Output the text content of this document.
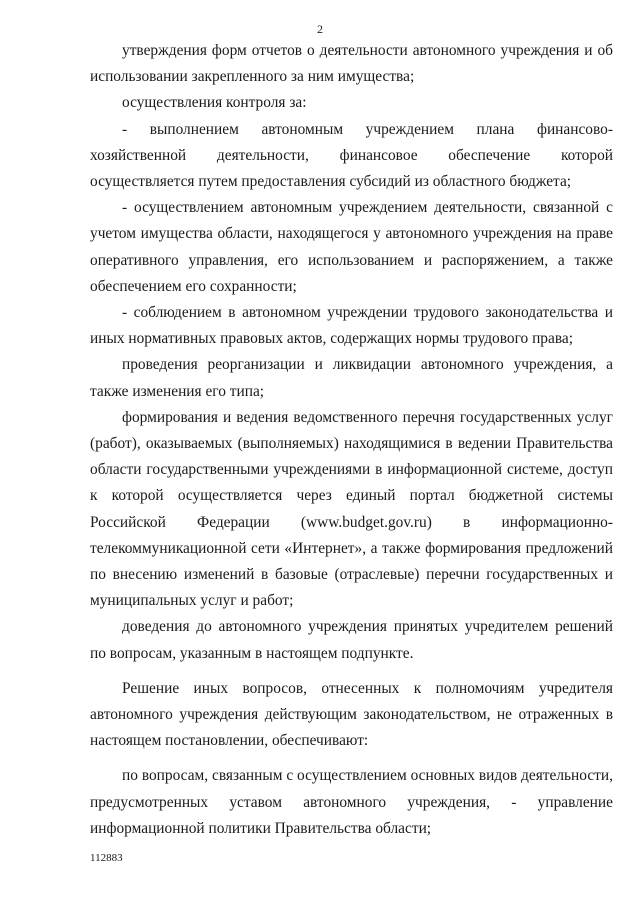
2

утверждения форм отчетов о деятельности автономного учреждения и об использовании закрепленного за ним имущества;

осуществления контроля за:

- выполнением автономным учреждением плана финансово-хозяйственной деятельности, финансовое обеспечение которой осуществляется путем предоставления субсидий из областного бюджета;

- осуществлением автономным учреждением деятельности, связанной с учетом имущества области, находящегося у автономного учреждения на праве оперативного управления, его использованием и распоряжением, а также обеспечением его сохранности;

- соблюдением в автономном учреждении трудового законодательства и иных нормативных правовых актов, содержащих нормы трудового права;

проведения реорганизации и ликвидации автономного учреждения, а также изменения его типа;

формирования и ведения ведомственного перечня государственных услуг (работ), оказываемых (выполняемых) находящимися в ведении Правительства области государственными учреждениями в информационной системе, доступ к которой осуществляется через единый портал бюджетной системы Российской Федерации (www.budget.gov.ru) в информационно-телекоммуникационной сети «Интернет», а также формирования предложений по внесению изменений в базовые (отраслевые) перечни государственных и муниципальных услуг и работ;

доведения до автономного учреждения принятых учредителем решений по вопросам, указанным в настоящем подпункте.

Решение иных вопросов, отнесенных к полномочиям учредителя автономного учреждения действующим законодательством, не отраженных в настоящем постановлении, обеспечивают:

по вопросам, связанным с осуществлением основных видов деятельности, предусмотренных уставом автономного учреждения, - управление информационной политики Правительства области;

112883
